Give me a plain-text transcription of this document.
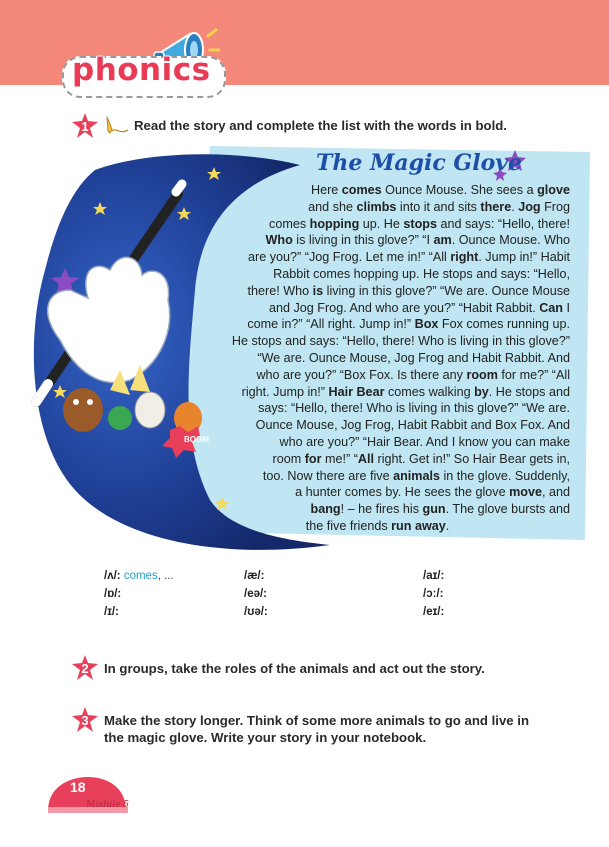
phonics
1	Read the story and complete the list with the words in bold.
BOOM
The Magic Glove
Here comes Ounce Mouse. She sees a glove
and she climbs into it and sits there. Jog Frog
comes hopping up. He stops and says: “Hello, there!
Who is living in this glove?” “I am. Ounce Mouse. Who
are you?” “Jog Frog. Let me in!” “All right. Jump in!” Habit
Rabbit comes hopping up. He stops and says: “Hello,
there! Who is living in this glove?” “We are. Ounce Mouse
and Jog Frog. And who are you?” “Habit Rabbit. Can I
come in?” “All right. Jump in!” Box Fox comes running up.
He stops and says: “Hello, there! Who is living in this glove?”
“We are. Ounce Mouse, Jog Frog and Habit Rabbit. And
who are you?” “Box Fox. Is there any room for me?” “All
right. Jump in!” Hair Bear comes walking by. He stops and
says: “Hello, there! Who is living in this glove?” “We are.
Ounce Mouse, Jog Frog, Habit Rabbit and Box Fox. And
who are you?” “Hair Bear. And I know you can make
room for me!” “All right. Get in!” So Hair Bear gets in,
too. Now there are five animals in the glove. Suddenly,
a hunter comes by. He sees the glove move, and
bang! – he fires his gun. The glove bursts and
the five friends run away.
/ʌ/: comes, ...	/æ/:	/aɪ/:
/ɒ/:	/eə/:	/ɔː/:
/ɪ/:	/ʊə/:	/eɪ/:
2	In groups, take the roles of the animals and act out the story.
3	Make the story longer. Think of some more animals to go and live in
the magic glove. Write your story in your notebook.
18
Module 5
